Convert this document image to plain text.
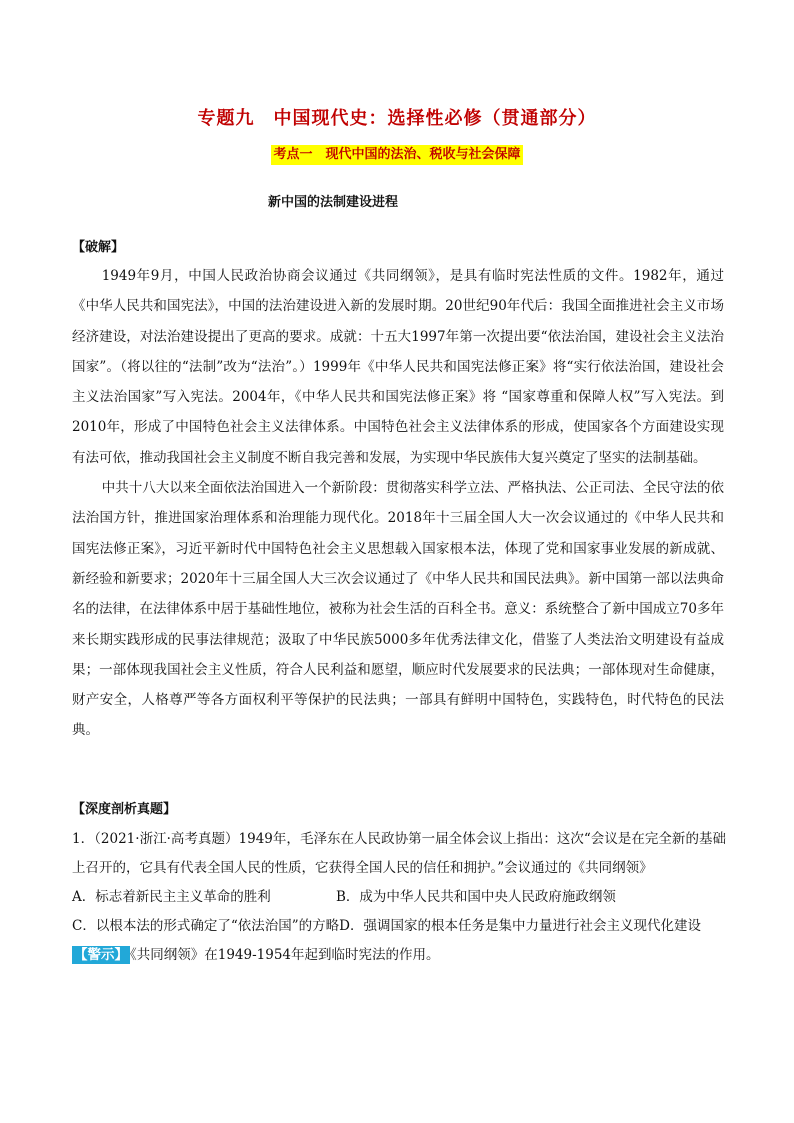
专题九　中国现代史：选择性必修（贯通部分）
考点一　现代中国的法治、税收与社会保障
新中国的法制建设进程
【破解】

1949年9月，中国人民政治协商会议通过《共同纲领》，是具有临时宪法性质的文件。1982年，通过《中华人民共和国宪法》，中国的法治建设进入新的发展时期。20世纪90年代后：我国全面推进社会主义市场经济建设，对法治建设提出了更高的要求。成就：十五大1997年第一次提出要“依法治国，建设社会主义法治国家”。（将以往的“法制”改为“法治”。）1999年《中华人民共和国宪法修正案》将“实行依法治国，建设社会主义法治国家”写入宪法。2004年，《中华人民共和国宪法修正案》将 “国家尊重和保障人权”写入宪法。到2010年，形成了中国特色社会主义法律体系。中国特色社会主义法律体系的形成，使国家各个方面建设实现有法可依，推动我国社会主义制度不断自我完善和发展，为实现中华民族伟大复兴奠定了坚实的法制基础。

中共十八大以来全面依法治国进入一个新阶段：贯彻落实科学立法、严格执法、公正司法、全民守法的依法治国方针，推进国家治理体系和治理能力现代化。2018年十三届全国人大一次会议通过的《中华人民共和国宪法修正案》，习近平新时代中国特色社会主义思想载入国家根本法，体现了党和国家事业发展的新成就、新经验和新要求；2020年十三届全国人大三次会议通过了《中华人民共和国民法典》。新中国第一部以法典命名的法律，在法律体系中居于基础性地位，被称为社会生活的百科全书。意义：系统整合了新中国成立70多年来长期实践形成的民事法律规范；汲取了中华民族5000多年优秀法律文化，借鉴了人类法治文明建设有益成果；一部体现我国社会主义性质，符合人民利益和愿望，顺应时代发展要求的民法典；一部体现对生命健康，财产安全，人格尊严等各方面权利平等保护的民法典；一部具有鲜明中国特色，实践特色，时代特色的民法典。

【深度剖析真题】

1．（2021·浙江·高考真题）1949年，毛泽东在人民政协第一届全体会议上指出：这次“会议是在完全新的基础上召开的，它具有代表全国人民的性质，它获得全国人民的信任和拥护。”会议通过的《共同纲领》

A．标志着新民主主义革命的胜利	B．成为中华人民共和国中央人民政府施政纲领

C．以根本法的形式确定了“依法治国”的方略D．强调国家的根本任务是集中力量进行社会主义现代化建设

【警示】 《共同纲领》在1949-1954年起到临时宪法的作用。
